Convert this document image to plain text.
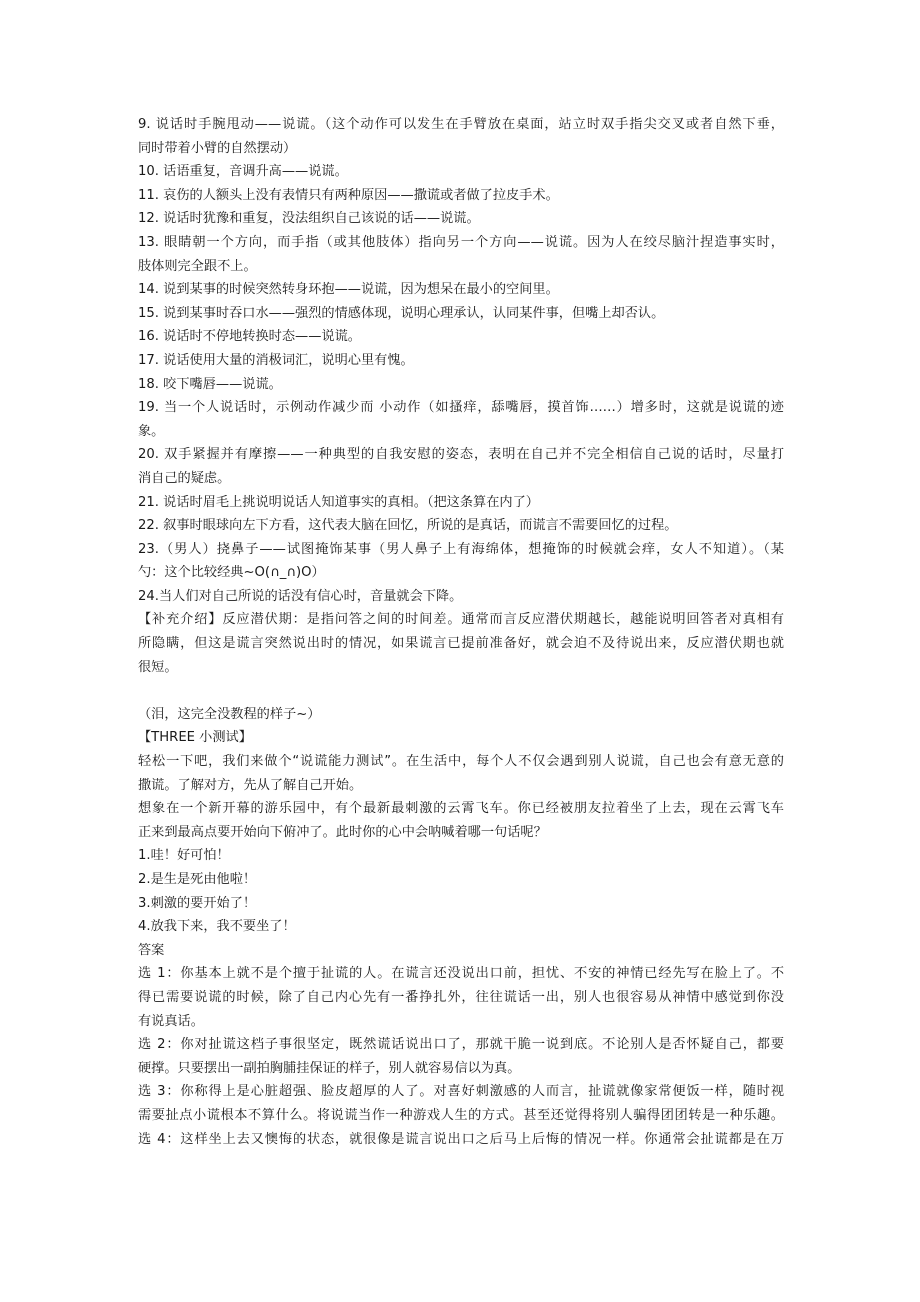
9. 说话时手腕甩动——说谎。（这个动作可以发生在手臂放在桌面，站立时双手指尖交叉或者自然下垂，
同时带着小臂的自然摆动）
10. 话语重复，音调升高——说谎。
11. 哀伤的人额头上没有表情只有两种原因——撒谎或者做了拉皮手术。
12. 说话时犹豫和重复，没法组织自己该说的话——说谎。
13. 眼睛朝一个方向，而手指（或其他肢体）指向另一个方向——说谎。因为人在绞尽脑汁捏造事实时，
肢体则完全跟不上。
14. 说到某事的时候突然转身环抱——说谎，因为想呆在最小的空间里。
15. 说到某事时吞口水——强烈的情感体现，说明心理承认，认同某件事，但嘴上却否认。
16. 说话时不停地转换时态——说谎。
17. 说话使用大量的消极词汇，说明心里有愧。
18. 咬下嘴唇——说谎。
19. 当一个人说话时，示例动作减少而 小动作（如搔痒，舔嘴唇，摸首饰……）增多时，这就是说谎的迹
象。
20. 双手紧握并有摩擦——一种典型的自我安慰的姿态，表明在自己并不完全相信自己说的话时，尽量打
消自己的疑虑。
21. 说话时眉毛上挑说明说话人知道事实的真相。（把这条算在内了）
22. 叙事时眼球向左下方看，这代表大脑在回忆，所说的是真话，而谎言不需要回忆的过程。
23.（男人）挠鼻子——试图掩饰某事（男人鼻子上有海绵体，想掩饰的时候就会痒，女人不知道）。（某
勺：这个比较经典~O(∩_∩)O）
24.当人们对自己所说的话没有信心时，音量就会下降。
【补充介绍】反应潜伏期：是指问答之间的时间差。通常而言反应潜伏期越长，越能说明回答者对真相有
所隐瞒，但这是谎言突然说出时的情况，如果谎言已提前准备好，就会迫不及待说出来，反应潜伏期也就
很短。
（泪，这完全没教程的样子~）
【THREE 小测试】
轻松一下吧，我们来做个“说谎能力测试”。在生活中，每个人不仅会遇到别人说谎，自己也会有意无意的
撒谎。了解对方，先从了解自己开始。
想象在一个新开幕的游乐园中，有个最新最刺激的云霄飞车。你已经被朋友拉着坐了上去，现在云霄飞车
正来到最高点要开始向下俯冲了。此时你的心中会呐喊着哪一句话呢？
1.哇！好可怕！
2.是生是死由他啦！
3.刺激的要开始了！
4.放我下来，我不要坐了！
答案
选 1：你基本上就不是个擅于扯谎的人。在谎言还没说出口前，担忧、不安的神情已经先写在脸上了。不
得已需要说谎的时候，除了自己内心先有一番挣扎外，往往谎话一出，别人也很容易从神情中感觉到你没
有说真话。
选 2：你对扯谎这档子事很坚定，既然谎话说出口了，那就干脆一说到底。不论别人是否怀疑自己，都要
硬撑。只要摆出一副拍胸脯挂保证的样子，别人就容易信以为真。
选 3：你称得上是心脏超强、脸皮超厚的人了。对喜好刺激感的人而言，扯谎就像家常便饭一样，随时视
需要扯点小谎根本不算什么。将说谎当作一种游戏人生的方式。甚至还觉得将别人骗得团团转是一种乐趣。
选 4：这样坐上去又懊悔的状态，就很像是谎言说出口之后马上后悔的情况一样。你通常会扯谎都是在万
